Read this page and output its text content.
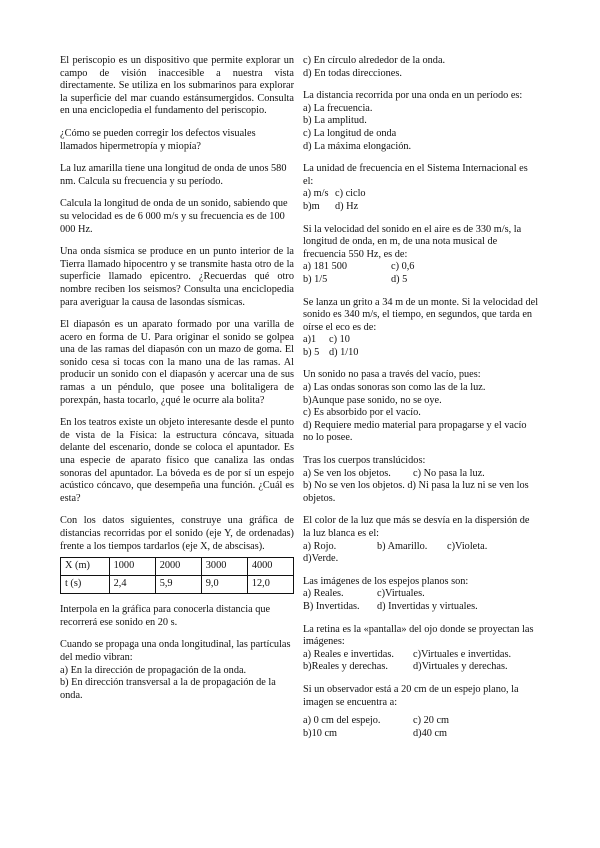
El periscopio es un dispositivo que permite explorar un campo de visión inaccesible a nuestra vista directamente. Se utiliza en los submarinos para explorar la superficie del mar cuando estánsumergidos. Consulta en una enciclopedia el fundamento del periscopio.

¿Cómo se pueden corregir los defectos visuales llamados hipermetropía y miopía?

La luz amarilla tiene una longitud de onda de unos 580 nm. Calcula su frecuencia y su período.

Calcula la longitud de onda de un sonido, sabiendo que su velocidad es de 6 000 m/s y su frecuencia es de 100 000 Hz.

Una onda sísmica se produce en un punto interior de la Tierra llamado hipocentro y se transmite hasta otro de la superficie llamado epicentro. ¿Recuerdas qué otro nombre reciben los seismos? Consulta una enciclopedia para averiguar la causa de lasondas sísmicas.

El diapasón es un aparato formado por una varilla de acero en forma de U. Para originar el sonido se golpea una de las ramas del diapasón con un mazo de goma. El sonido cesa si tocas con la mano una de las ramas. Al producir un sonido con el diapasón y acercar una de sus ramas a un péndulo, que posee una bolitaligera de porexpán, hasta tocarlo, ¿qué le ocurre ala bolita?

En los teatros existe un objeto interesante desde el punto de vista de la Física: la estructura cóncava, situada delante del escenario, donde se coloca el apuntador. Es una especie de aparato físico que canaliza las ondas sonoras del apuntador. La bóveda es de por sí un espejo acústico cóncavo, que desempeña una función. ¿Cuál es esta?

Con los datos siguientes, construye una gráfica de distancias recorridas por el sonido (eje Y, de ordenadas) frente a los tiempos tardarlos (eje X, de abscisas).

X (m)	1000	2000	3000	4000
t (s)	2,4	5,9	9,0	12,0

Interpola en la gráfica para conocerla distancia que recorrerá ese sonido en 20 s.

Cuando se propaga una onda longitudinal, las partículas del medio vibran:

a) En la dirección de propagación de la onda.
b) En dirección transversal a la de propagación de la onda.

c) En círculo alrededor de la onda.
d) En todas direcciones.

La distancia recorrida por una onda en un período es:
a) La frecuencia.
b) La amplitud.
c) La longitud de onda
d) La máxima elongación.

La unidad de frecuencia en el Sistema Internacional es el:
a) m/s c) ciclo
b)m	d) Hz

Si la velocidad del sonido en el aire es de 330 m/s, la longitud de onda, en m, de una nota musical de frecuencia 550 Hz, es de:
a) 181 500	c) 0,6
b) 1/5	d) 5

Se lanza un grito a 34 m de un monte. Si la velocidad del sonido es 340 m/s, el tiempo, en segundos, que tarda en oírse el eco es de:
a)1	c) 10
b) 5 d) 1/10

Un sonido no pasa a través del vacío, pues:
a) Las ondas sonoras son como las de la luz.
b)Aunque pase sonido, no se oye.
c) Es absorbido por el vacío.
d) Requiere medio material para propagarse y el vacío no lo posee.

Tras los cuerpos translúcidos:
a) Se ven los objetos.	c) No pasa la luz.
b) No se ven los objetos. d) Ni pasa la luz ni se ven los objetos.

El color de la luz que más se desvía en la dispersión de la luz blanca es el:
a) Rojo.	b) Amarillo.	c)Violeta.
d)Verde.

Las imágenes de los espejos planos son:
a) Reales.	c)Virtuales.
B) Invertidas.	d) Invertidas y virtuales.

La retina es la «pantalla» del ojo donde se proyectan las imágenes:
a) Reales e invertidas.	c)Virtuales e invertidas.
b)Reales y derechas.	d)Virtuales y derechas.

Si un observador está a 20 cm de un espejo plano, la imagen se encuentra a:
a) 0 cm del espejo.	c) 20 cm
b)10 cm	d)40 cm
